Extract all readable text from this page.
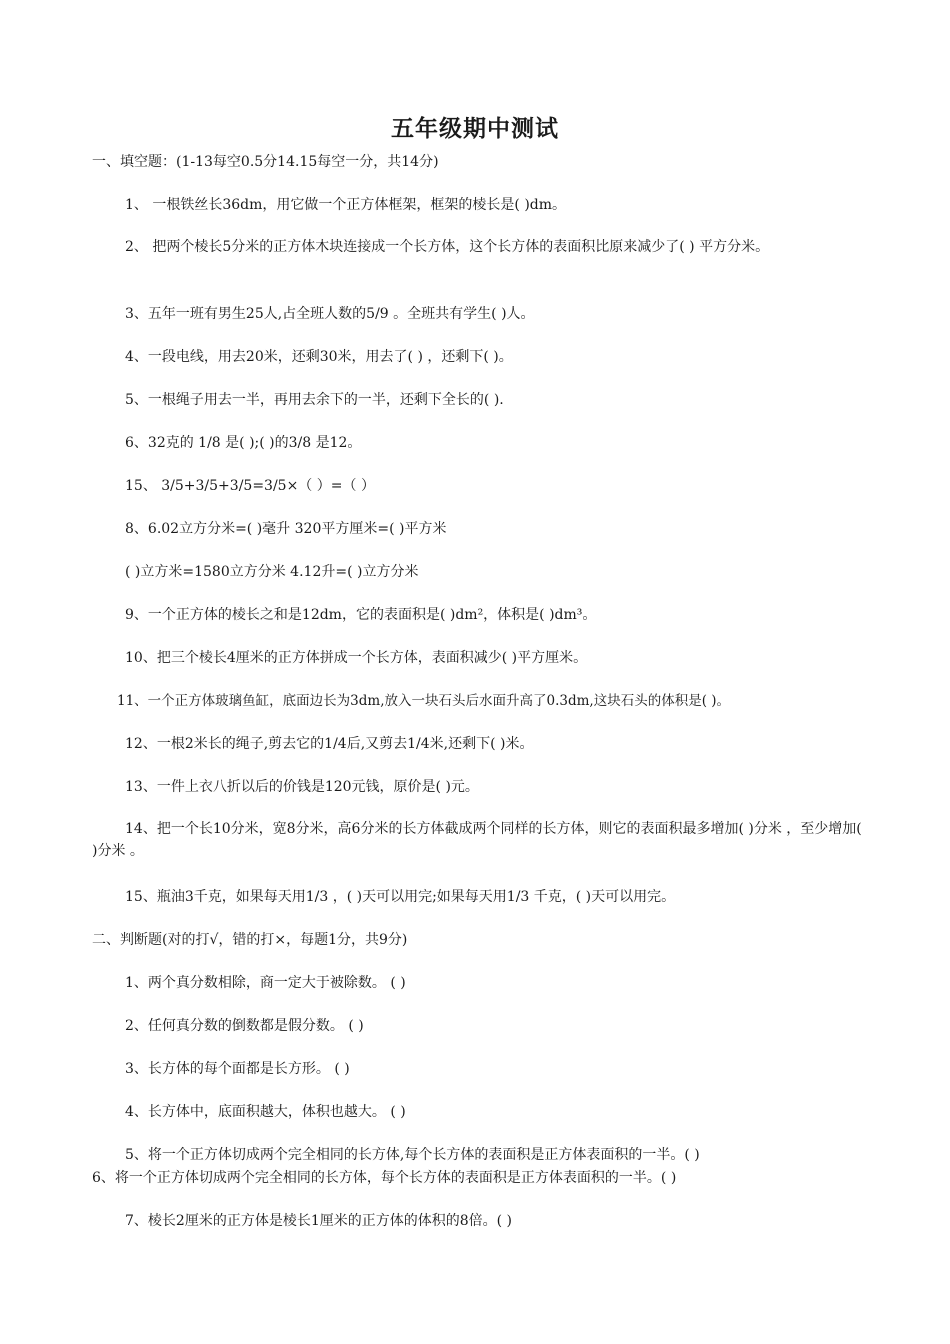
五年级期中测试
一、填空题：(1-13每空0.5分14.15每空一分，共14分)
1、 一根铁丝长36dm，用它做一个正方体框架，框架的棱长是( )dm。
2、 把两个棱长5分米的正方体木块连接成一个长方体，这个长方体的表面积比原来减少了( ) 平方分米。
3、五年一班有男生25人,占全班人数的5/9 。全班共有学生( )人。
4、一段电线，用去20米，还剩30米，用去了( ) ，还剩下( )。
5、一根绳子用去一半，再用去余下的一半，还剩下全长的( ).
6、32克的 1/8 是( );( )的3/8 是12。
15、 3/5+3/5+3/5=3/5×（ ）=（ ）
8、6.02立方分米=( )毫升 320平方厘米=( )平方米
( )立方米=1580立方分米 4.12升=( )立方分米
9、一个正方体的棱长之和是12dm，它的表面积是( )dm²，体积是( )dm³。
10、把三个棱长4厘米的正方体拼成一个长方体，表面积减少( )平方厘米。
11、一个正方体玻璃鱼缸，底面边长为3dm,放入一块石头后水面升高了0.3dm,这块石头的体积是( )。
12、一根2米长的绳子,剪去它的1/4后,又剪去1/4米,还剩下( )米。
13、一件上衣八折以后的价钱是120元钱，原价是( )元。
14、把一个长10分米，宽8分米，高6分米的长方体截成两个同样的长方体，则它的表面积最多增加( )分米 ，至少增加( )分米 。
15、瓶油3千克，如果每天用1/3 ，( )天可以用完;如果每天用1/3 千克，( )天可以用完。
二、判断题(对的打√，错的打×，每题1分，共9分)
1、两个真分数相除，商一定大于被除数。 ( )
2、任何真分数的倒数都是假分数。 ( )
3、长方体的每个面都是长方形。 ( )
4、长方体中，底面积越大，体积也越大。 ( )
5、将一个正方体切成两个完全相同的长方体,每个长方体的表面积是正方体表面积的一半。( )
6、将一个正方体切成两个完全相同的长方体，每个长方体的表面积是正方体表面积的一半。( )
7、棱长2厘米的正方体是棱长1厘米的正方体的体积的8倍。( )
